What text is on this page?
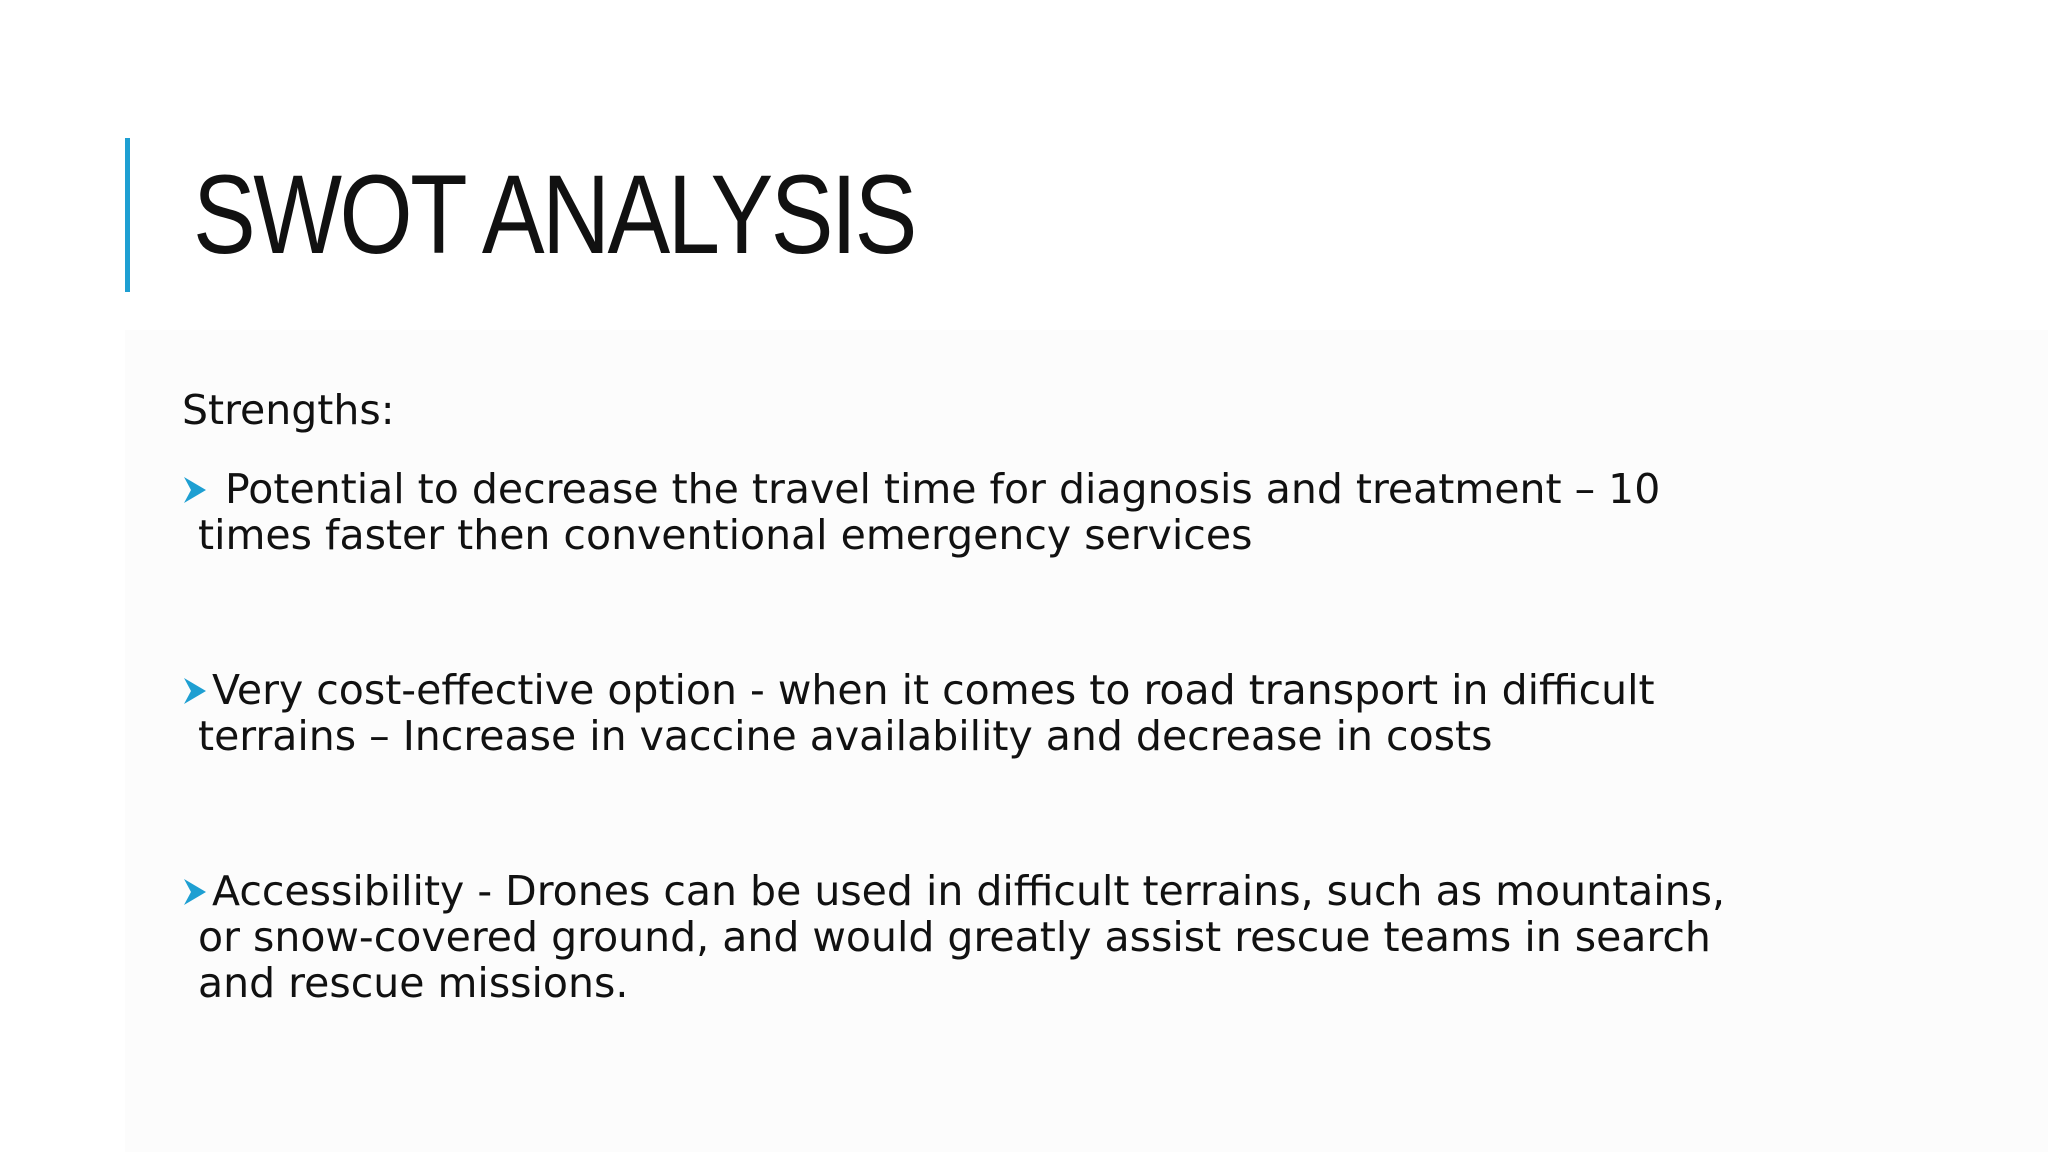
SWOT ANALYSIS
Strengths:
Potential to decrease the travel time for diagnosis and treatment – 10
times faster then conventional emergency services
Very cost-effective option - when it comes to road transport in difficult
terrains – Increase in vaccine availability and decrease in costs
Accessibility - Drones can be used in difficult terrains, such as mountains,
or snow-covered ground, and would greatly assist rescue teams in search
and rescue missions.
